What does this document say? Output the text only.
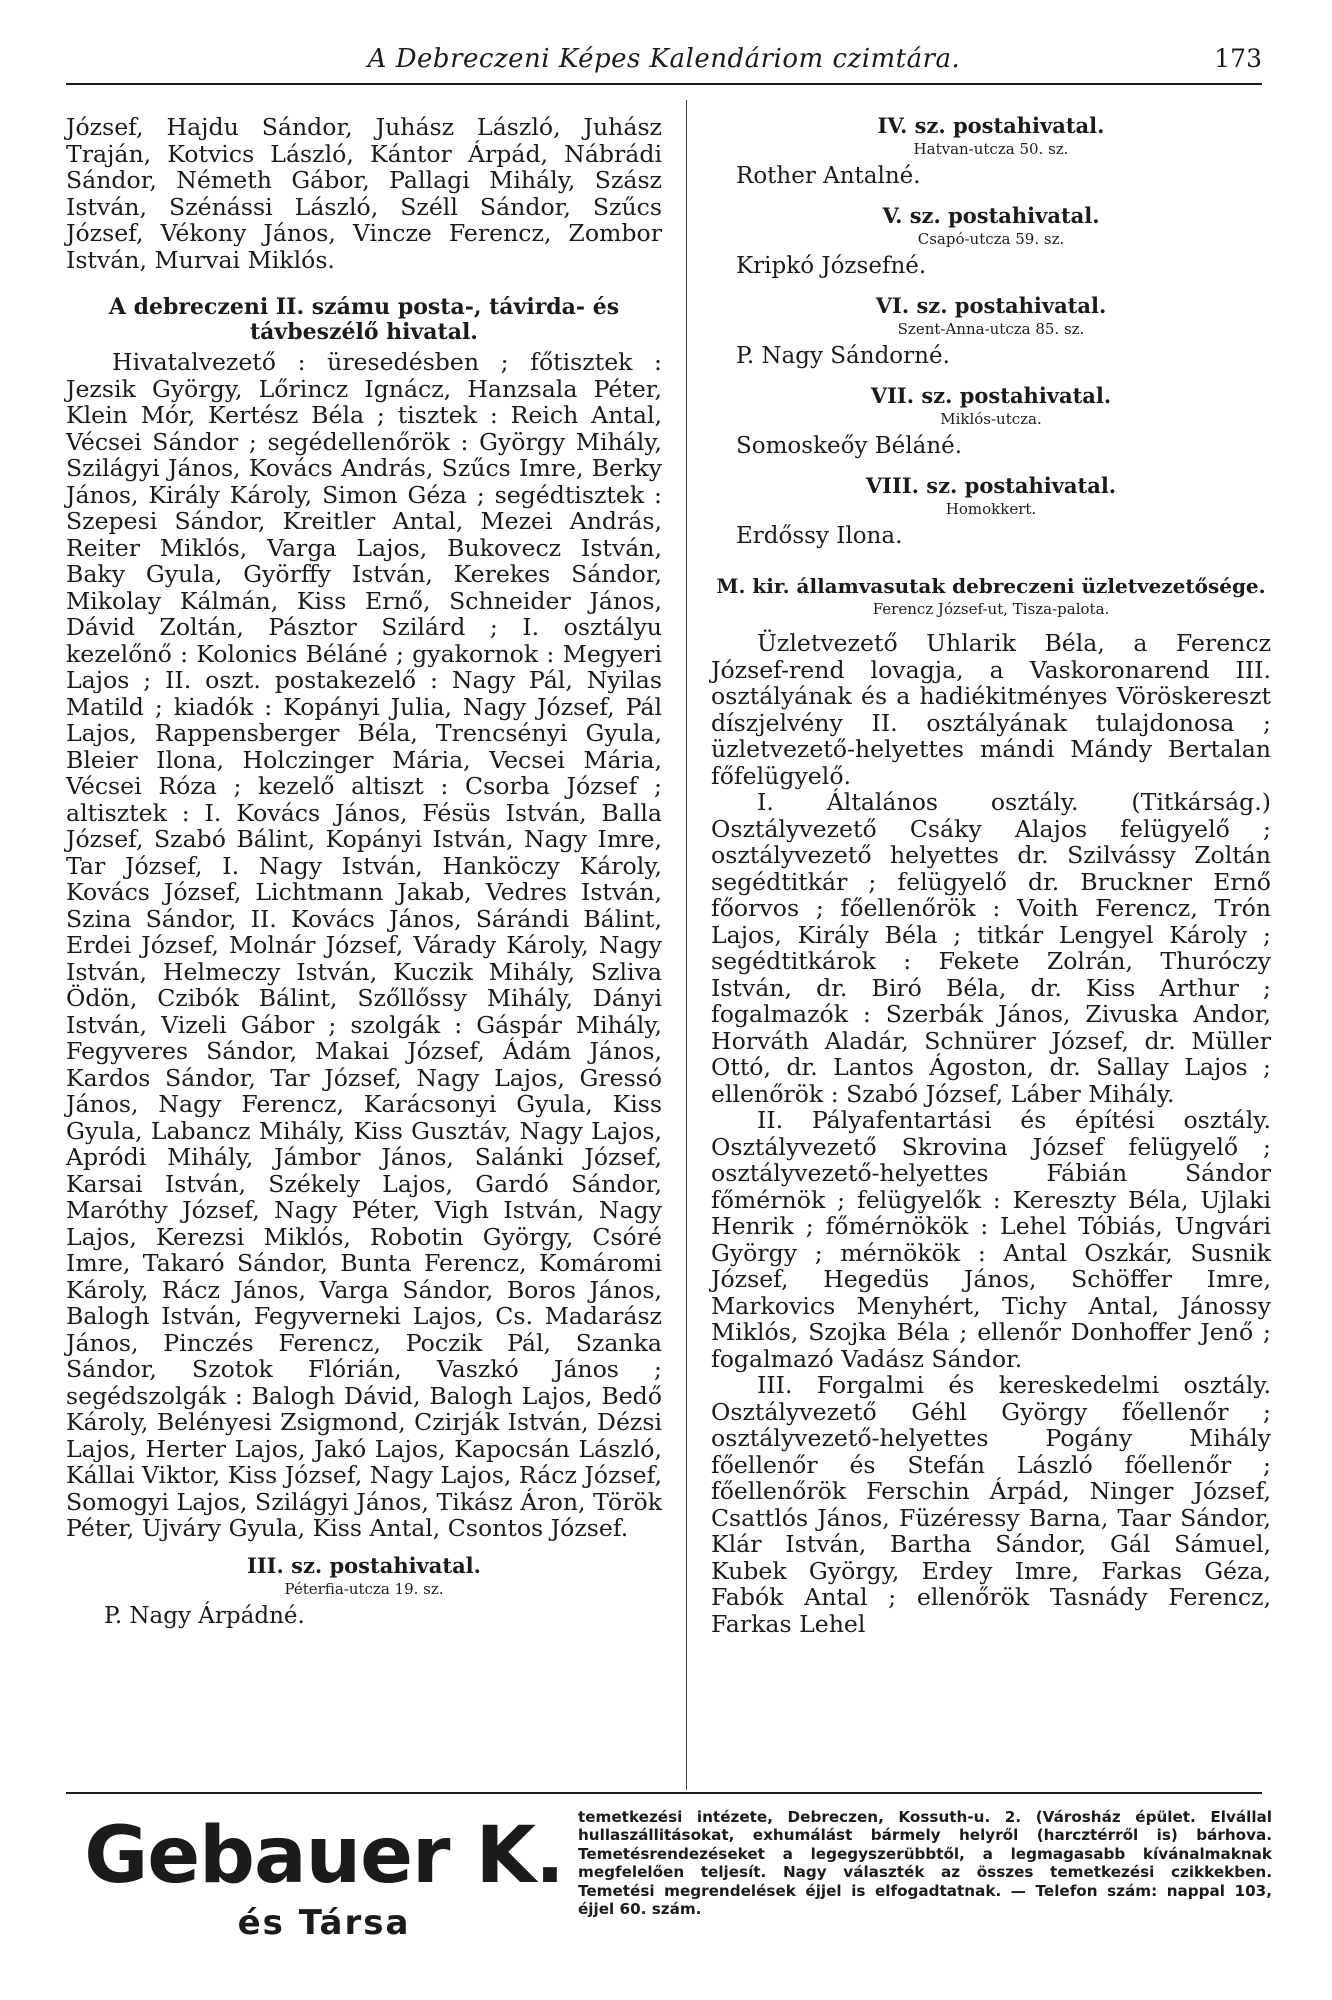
A Debreczeni Képes Kalendáriom czimtára.	173

József, Hajdu Sándor, Juhász László, Juhász Traján, Kotvics László, Kántor Árpád, Nábrádi Sándor, Németh Gábor, Pallagi Mihály, Szász István, Szénássi László, Széll Sándor, Szűcs József, Vékony János, Vincze Ferencz, Zombor István, Murvai Miklós.

A debreczeni II. számu posta-, távirda- és távbeszélő hivatal.

Hivatalvezető : üresedésben ; főtisztek : Jezsik György, Lőrincz Ignácz, Hanzsala Péter, Klein Mór, Kertész Béla ; tisztek : Reich Antal, Vécsei Sándor ; segédellenőrök : György Mihály, Szilágyi János, Kovács András, Szűcs Imre, Berky János, Király Károly, Simon Géza ; segédtisztek : Szepesi Sándor, Kreitler Antal, Mezei András, Reiter Miklós, Varga Lajos, Bukovecz István, Baky Gyula, Györffy István, Kerekes Sándor, Mikolay Kálmán, Kiss Ernő, Schneider János, Dávid Zoltán, Pásztor Szilárd ; I. osztályu kezelőnő : Kolonics Béláné ; gyakornok : Megyeri Lajos ; II. oszt. postakezelő : Nagy Pál, Nyilas Matild ; kiadók : Kopányi Julia, Nagy József, Pál Lajos, Rappensberger Béla, Trencsényi Gyula, Bleier Ilona, Holczinger Mária, Vecsei Mária, Vécsei Róza ; kezelő altiszt : Csorba József ; altisztek : I. Kovács János, Fésüs István, Balla József, Szabó Bálint, Kopányi István, Nagy Imre, Tar József, I. Nagy István, Hanköczy Károly, Kovács József, Lichtmann Jakab, Vedres István, Szina Sándor, II. Kovács János, Sárándi Bálint, Erdei József, Molnár József, Várady Károly, Nagy István, Helmeczy István, Kuczik Mihály, Szliva Ödön, Czibók Bálint, Szőllőssy Mihály, Dányi István, Vizeli Gábor ; szolgák : Gáspár Mihály, Fegyveres Sándor, Makai József, Ádám János, Kardos Sándor, Tar József, Nagy Lajos, Gressó János, Nagy Ferencz, Karácsonyi Gyula, Kiss Gyula, Labancz Mihály, Kiss Gusztáv, Nagy Lajos, Apródi Mihály, Jámbor János, Salánki József, Karsai István, Székely Lajos, Gardó Sándor, Maróthy József, Nagy Péter, Vigh István, Nagy Lajos, Kerezsi Miklós, Robotin György, Csóré Imre, Takaró Sándor, Bunta Ferencz, Komáromi Károly, Rácz János, Varga Sándor, Boros János, Balogh István, Fegyverneki Lajos, Cs. Madarász János, Pinczés Ferencz, Poczik Pál, Szanka Sándor, Szotok Flórián, Vaszkó János ; segédszolgák : Balogh Dávid, Balogh Lajos, Bedő Károly, Belényesi Zsigmond, Czirják István, Dézsi Lajos, Herter Lajos, Jakó Lajos, Kapocsán László, Kállai Viktor, Kiss József, Nagy Lajos, Rácz József, Somogyi Lajos, Szilágyi János, Tikász Áron, Török Péter, Ujváry Gyula, Kiss Antal, Csontos József.

III. sz. postahivatal.

Péterfia-utcza 19. sz.

P. Nagy Árpádné.

IV. sz. postahivatal.

Hatvan-utcza 50. sz.

Rother Antalné.

V. sz. postahivatal.

Csapó-utcza 59. sz.

Kripkó Józsefné.

VI. sz. postahivatal.

Szent-Anna-utcza 85. sz.

P. Nagy Sándorné.

VII. sz. postahivatal.

Miklós-utcza.

Somoskeőy Béláné.

VIII. sz. postahivatal.

Homokkert.

Erdőssy Ilona.

M. kir. államvasutak debreczeni üzletvezetősége.

Ferencz József-ut, Tisza-palota.

Üzletvezető Uhlarik Béla, a Ferencz József-rend lovagja, a Vaskoronarend III. osztályának és a hadiékitményes Vöröskereszt díszjelvény II. osztályának tulajdonosa ; üzletvezető-helyettes mándi Mándy Bertalan főfelügyelő.

I. Általános osztály. (Titkárság.) Osztályvezető Csáky Alajos felügyelő ; osztályvezető helyettes dr. Szilvássy Zoltán segédtitkár ; felügyelő dr. Bruckner Ernő főorvos ; főellenőrök : Voith Ferencz, Trón Lajos, Király Béla ; titkár Lengyel Károly ; segédtitkárok : Fekete Zolrán, Thuróczy István, dr. Biró Béla, dr. Kiss Arthur ; fogalmazók : Szerbák János, Zivuska Andor, Horváth Aladár, Schnürer József, dr. Müller Ottó, dr. Lantos Ágoston, dr. Sallay Lajos ; ellenőrök : Szabó József, Láber Mihály.

II. Pályafentartási és építési osztály. Osztályvezető Skrovina József felügyelő ; osztályvezető-helyettes Fábián Sándor főmérnök ; felügyelők : Kereszty Béla, Ujlaki Henrik ; főmérnökök : Lehel Tóbiás, Ungvári György ; mérnökök : Antal Oszkár, Susnik József, Hegedüs János, Schöffer Imre, Markovics Menyhért, Tichy Antal, Jánossy Miklós, Szojka Béla ; ellenőr Donhoffer Jenő ; fogalmazó Vadász Sándor.

III. Forgalmi és kereskedelmi osztály. Osztályvezető Géhl György főellenőr ; osztályvezető-helyettes Pogány Mihály főellenőr és Stefán László főellenőr ; főellenőrök Ferschin Árpád, Ninger József, Csattlós János, Füzéressy Barna, Taar Sándor, Klár István, Bartha Sándor, Gál Sámuel, Kubek György, Erdey Imre, Farkas Géza, Fabók Antal ; ellenőrök Tasnády Ferencz, Farkas Lehel

Gebauer K.
és Társa
temetkezési intézete, Debreczen, Kossuth-u. 2. (Városház épület. Elvállal hullaszállitásokat, exhumálást bármely helyről (harcztérről is) bárhova. Temetésrendezéseket a legegyszerübbtől, a legmagasabb kívánalmaknak megfelelően teljesít. Nagy választék az összes temetkezési czikkekben. Temetési megrendelések éjjel is elfogadtatnak. — Telefon szám: nappal 103, éjjel 60. szám.
